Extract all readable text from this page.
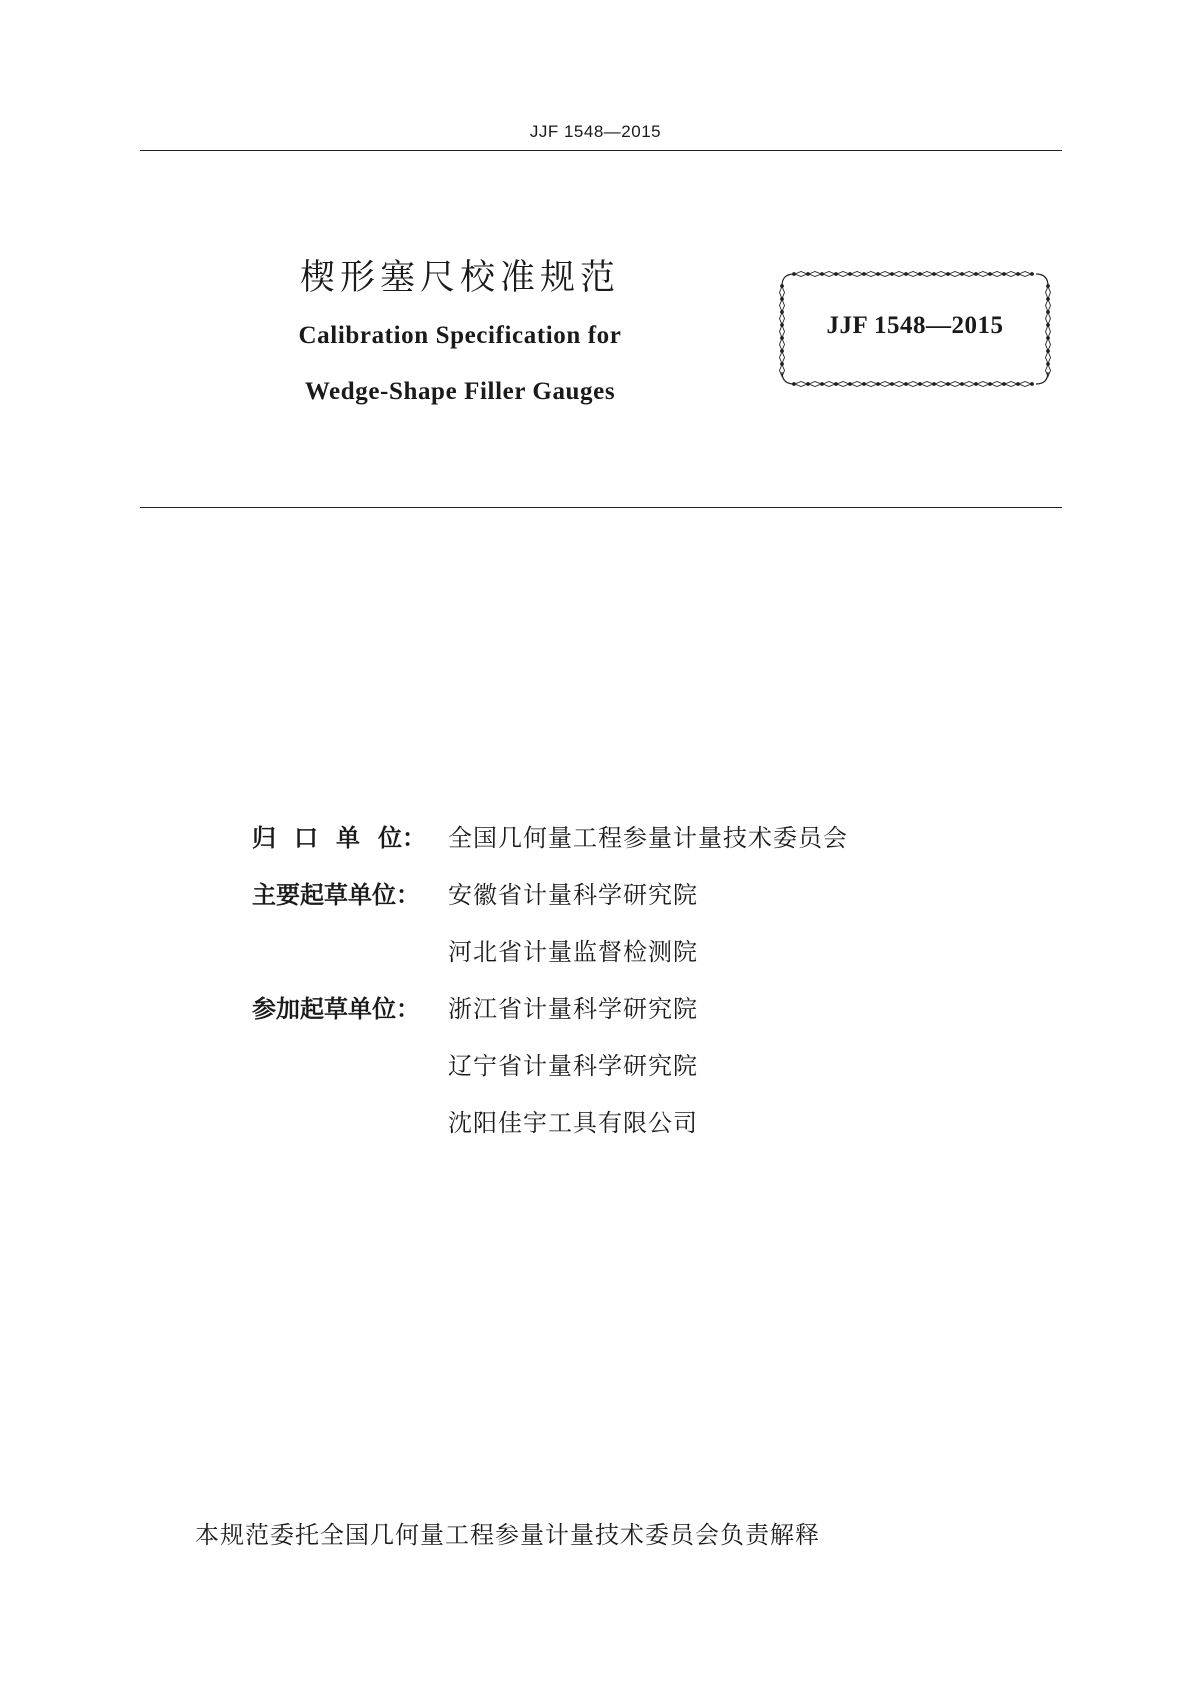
JJF 1548—2015
楔形塞尺校准规范
Calibration Specification for
Wedge-Shape Filler Gauges
JJF 1548—2015
归口单位： 全国几何量工程参量计量技术委员会
主要起草单位：	安徽省计量科学研究院
河北省计量监督检测院
参加起草单位：	浙江省计量科学研究院
辽宁省计量科学研究院
沈阳佳宇工具有限公司
本规范委托全国几何量工程参量计量技术委员会负责解释
